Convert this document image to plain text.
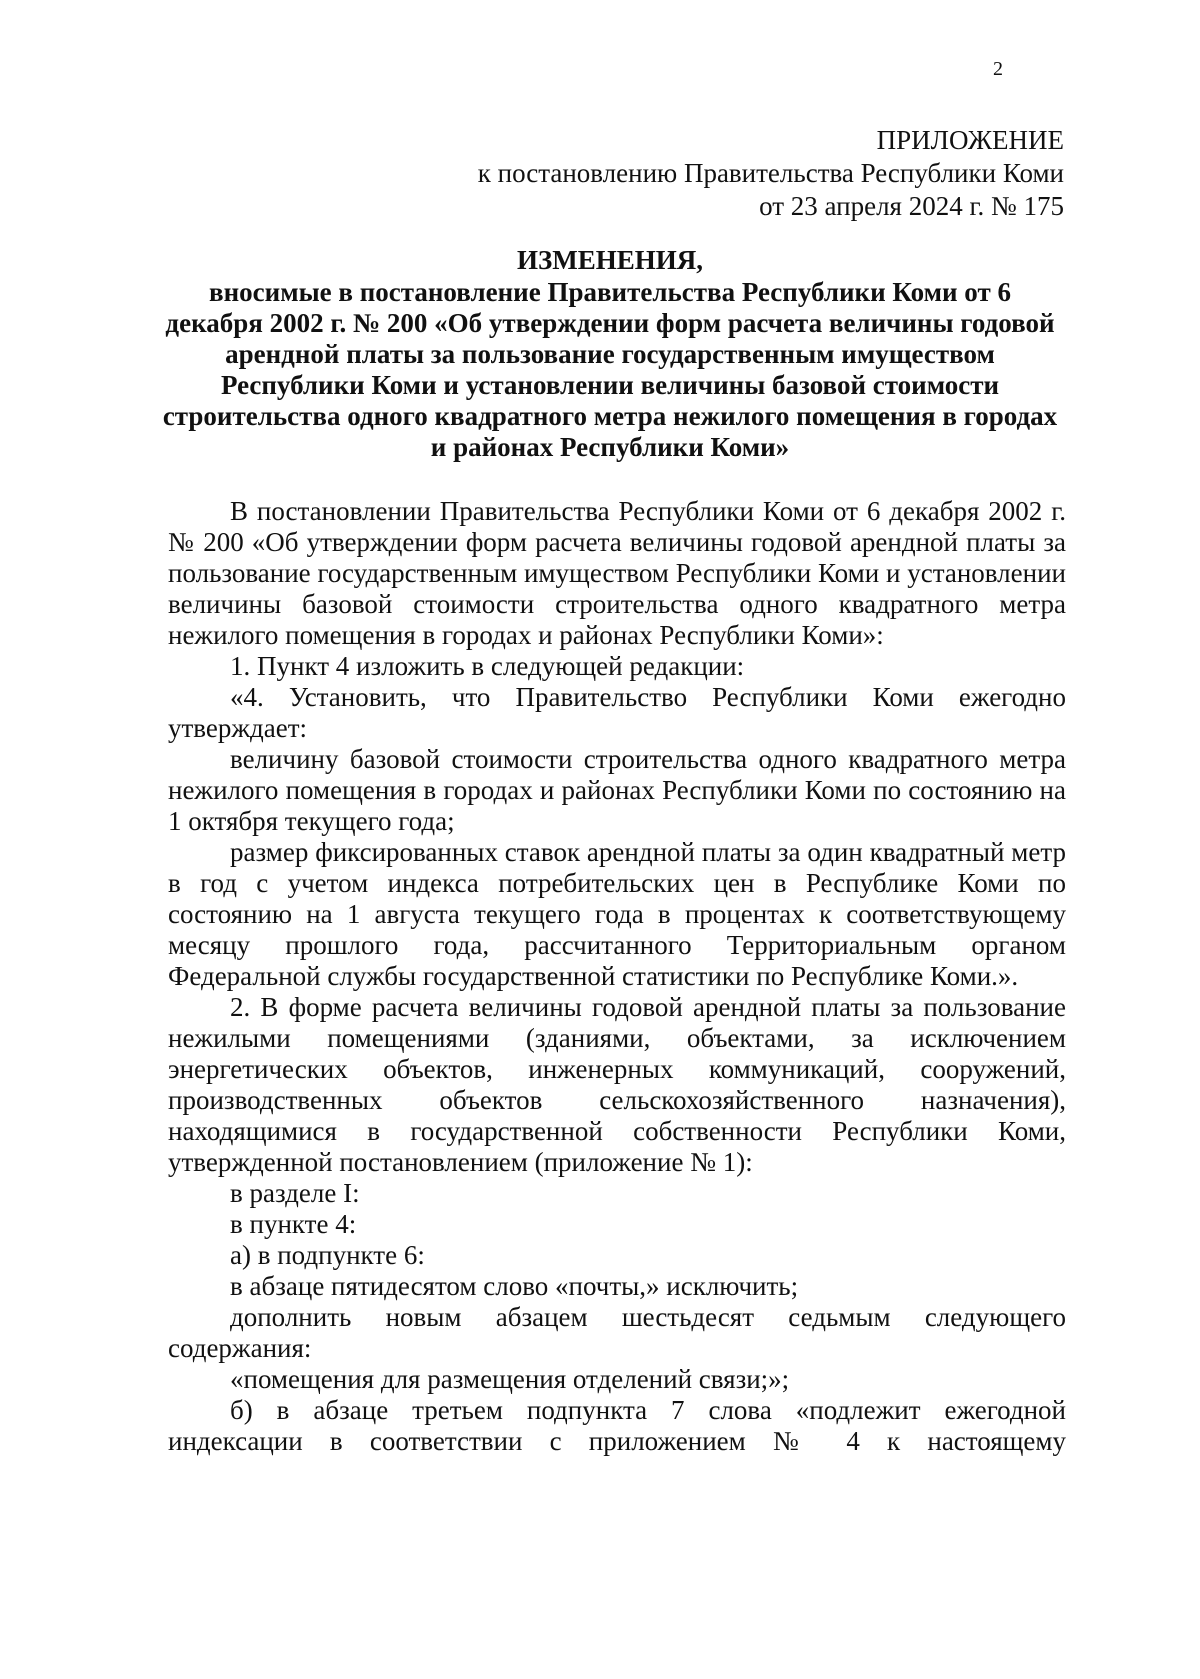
2
ПРИЛОЖЕНИЕ
к постановлению Правительства Республики Коми
от 23 апреля 2024 г. № 175
ИЗМЕНЕНИЯ,
вносимые в постановление Правительства Республики Коми от 6 декабря 2002 г. № 200 «Об утверждении форм расчета величины годовой арендной платы за пользование государственным имуществом Республики Коми и установлении величины базовой стоимости строительства одного квадратного метра нежилого помещения в городах и районах Республики Коми»

В постановлении Правительства Республики Коми от 6 декабря 2002 г. № 200 «Об утверждении форм расчета величины годовой арендной платы за пользование государственным имуществом Республики Коми и установлении величины базовой стоимости строительства одного квадратного метра нежилого помещения в городах и районах Республики Коми»:

1. Пункт 4 изложить в следующей редакции:

«4. Установить, что Правительство Республики Коми ежегодно утверждает:

величину базовой стоимости строительства одного квадратного метра нежилого помещения в городах и районах Республики Коми по состоянию на 1 октября текущего года;

размер фиксированных ставок арендной платы за один квадратный метр в год с учетом индекса потребительских цен в Республике Коми по состоянию на 1 августа текущего года в процентах к соответствующему месяцу прошлого года, рассчитанного Территориальным органом Федеральной службы государственной статистики по Республике Коми.».

2. В форме расчета величины годовой арендной платы за пользование нежилыми помещениями (зданиями, объектами, за исключением энергетических объектов, инженерных коммуникаций, сооружений, производственных объектов сельскохозяйственного назначения), находящимися в государственной собственности Республики Коми, утвержденной постановлением (приложение № 1):

в разделе I:

в пункте 4:

а) в подпункте 6:

в абзаце пятидесятом слово «почты,» исключить;

дополнить новым абзацем шестьдесят седьмым следующего содержания:

«помещения для размещения отделений связи;»;

б) в абзаце третьем подпункта 7 слова «подлежит ежегодной индексации в соответствии с приложением № 4 к настоящему
